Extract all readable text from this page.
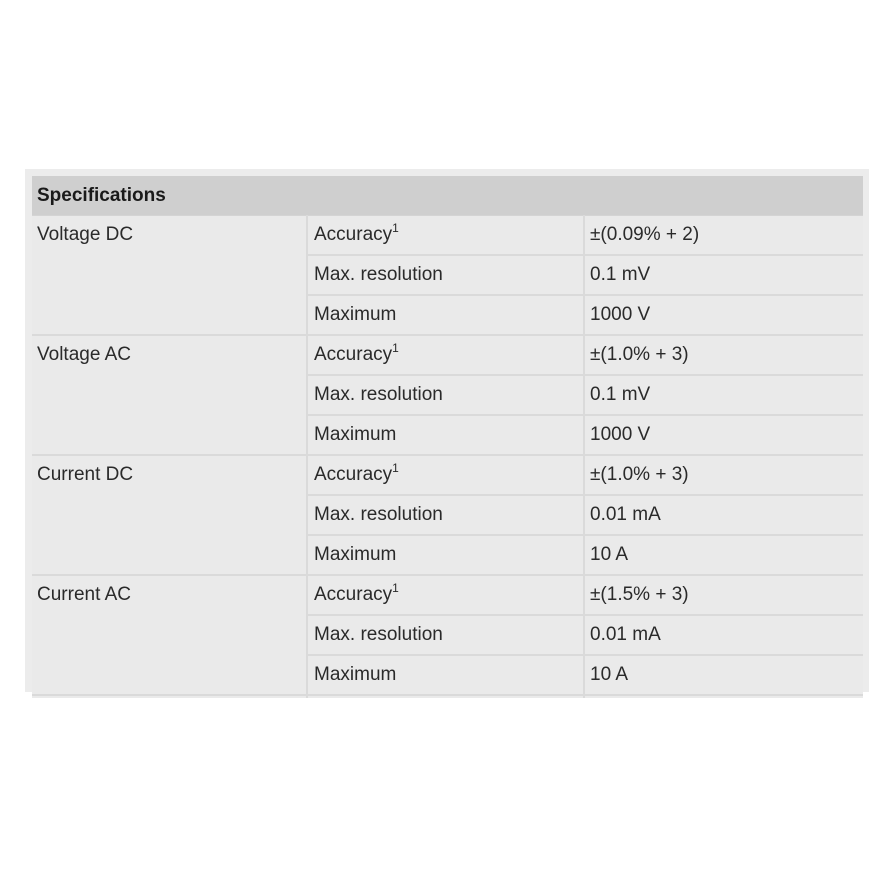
Specifications		
Voltage DC	Accuracy$^1$	±(0.09% + 2)
	Max. resolution	0.1 mV
	Maximum	1000 V
Voltage AC	Accuracy$^1$	±(1.0% + 3)
	Max. resolution	0.1 mV
	Maximum	1000 V
Current DC	Accuracy$^1$	±(1.0% + 3)
	Max. resolution	0.01 mA
	Maximum	10 A
Current AC	Accuracy$^1$	±(1.5% + 3)
	Max. resolution	0.01 mA
	Maximum	10 A
